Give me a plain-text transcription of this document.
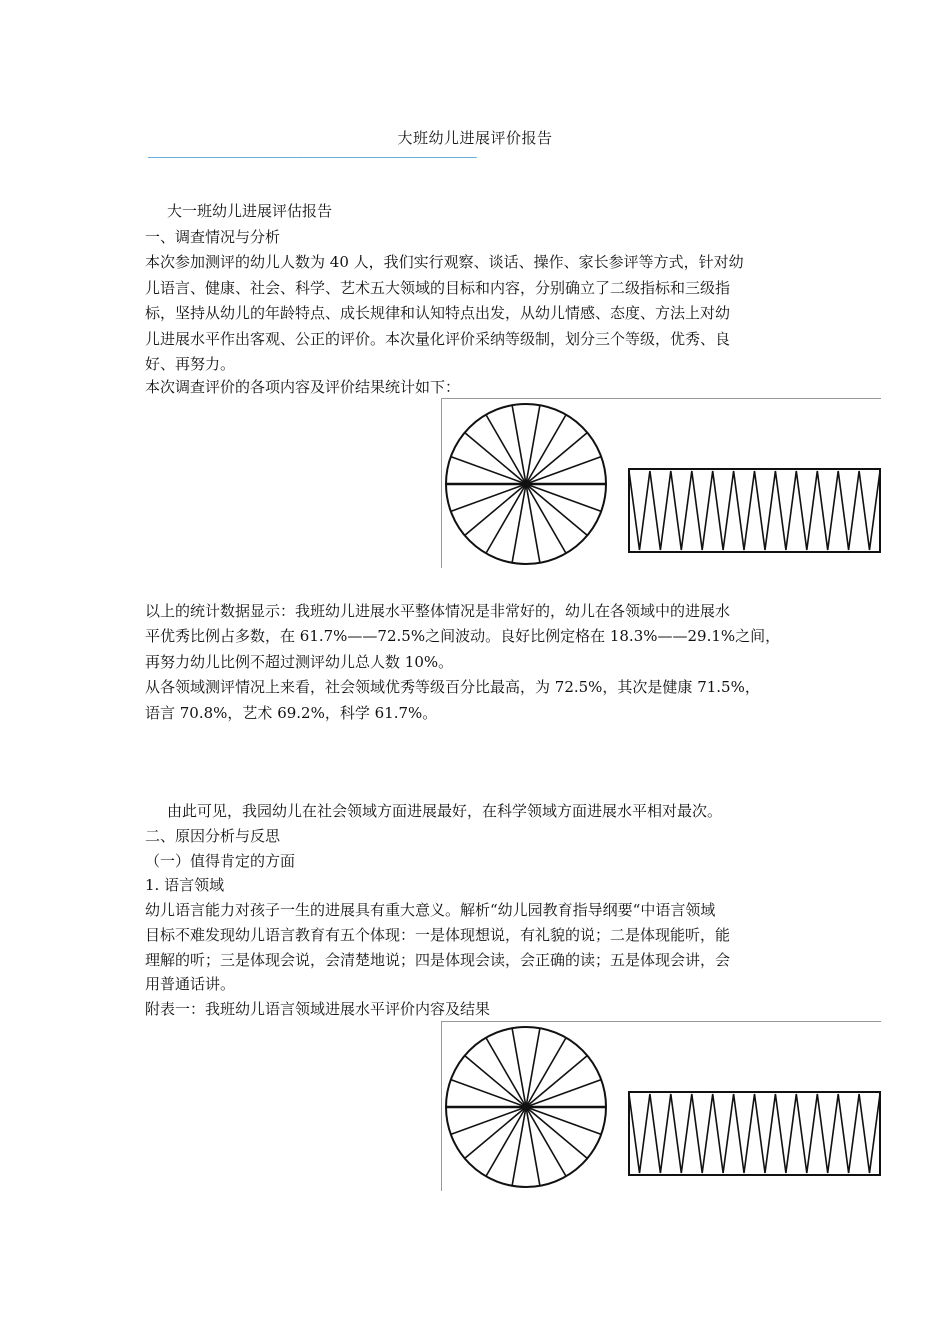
大班幼儿进展评价报告
——————————————————————————————————————————
大一班幼儿进展评估报告
一、调查情况与分析
本次参加测评的幼儿人数为 40 人，我们实行观察、谈话、操作、家长参评等方式，针对幼
儿语言、健康、社会、科学、艺术五大领域的目标和内容，分别确立了二级指标和三级指
标，坚持从幼儿的年龄特点、成长规律和认知特点出发，从幼儿情感、态度、方法上对幼
儿进展水平作出客观、公正的评价。本次量化评价采纳等级制，划分三个等级，优秀、良
好、再努力。
本次调查评价的各项内容及评价结果统计如下：
以上的统计数据显示：我班幼儿进展水平整体情况是非常好的，幼儿在各领域中的进展水
平优秀比例占多数，在 61.7%——72.5%之间波动。良好比例定格在 18.3%——29.1%之间，
再努力幼儿比例不超过测评幼儿总人数 10%。
从各领域测评情况上来看，社会领域优秀等级百分比最高，为 72.5%，其次是健康 71.5%，
语言 70.8%，艺术 69.2%，科学 61.7%。
由此可见，我园幼儿在社会领域方面进展最好，在科学领域方面进展水平相对最次。
二、原因分析与反思
（一）值得肯定的方面
1. 语言领域
幼儿语言能力对孩子一生的进展具有重大意义。解析“幼儿园教育指导纲要“中语言领域
目标不难发现幼儿语言教育有五个体现：一是体现想说，有礼貌的说；二是体现能听，能
理解的听；三是体现会说，会清楚地说；四是体现会读，会正确的读；五是体现会讲，会
用普通话讲。
附表一：我班幼儿语言领域进展水平评价内容及结果
